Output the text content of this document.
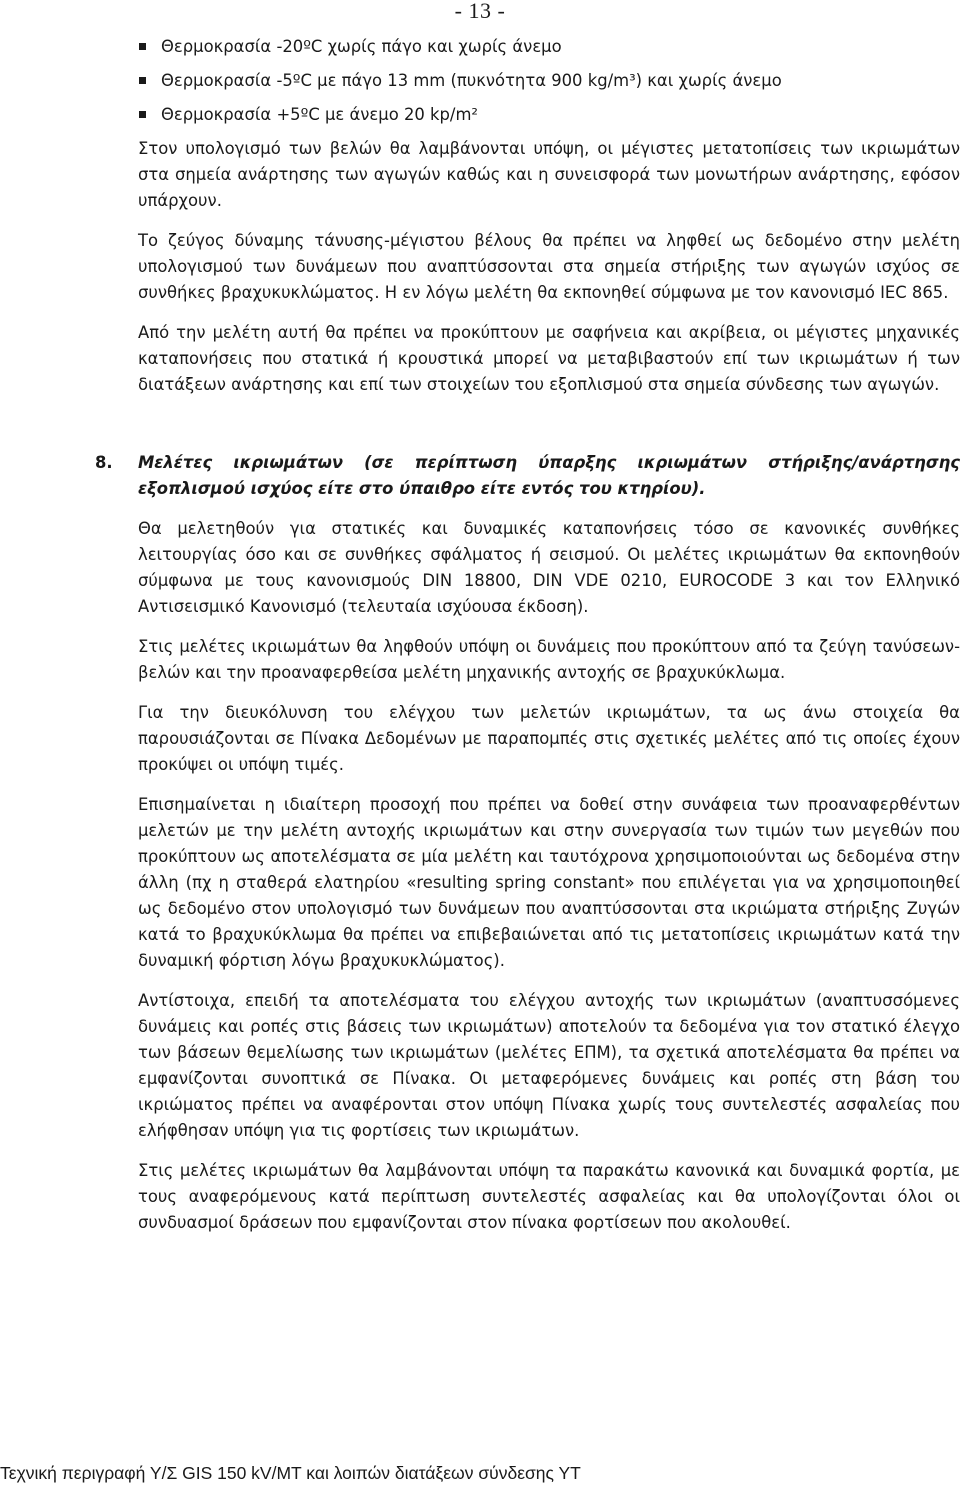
- 13 -
Θερμοκρασία -20ºC χωρίς πάγο και χωρίς άνεμο
Θερμοκρασία -5ºC με πάγο 13 mm (πυκνότητα 900 kg/m³) και χωρίς άνεμο
Θερμοκρασία +5ºC με άνεμο 20 kp/m²

Στον υπολογισμό των βελών θα λαμβάνονται υπόψη, οι μέγιστες μετατοπίσεις των ικριωμάτων στα σημεία ανάρτησης των αγωγών καθώς και η συνεισφορά των μονωτήρων ανάρτησης, εφόσον υπάρχουν.

Το ζεύγος δύναμης τάνυσης-μέγιστου βέλους θα πρέπει να ληφθεί ως δεδομένο στην μελέτη υπολογισμού των δυνάμεων που αναπτύσσονται στα σημεία στήριξης των αγωγών ισχύος σε συνθήκες βραχυκυκλώματος. Η εν λόγω μελέτη θα εκπονηθεί σύμφωνα με τον κανονισμό IEC 865.

Από την μελέτη αυτή θα πρέπει να προκύπτουν με σαφήνεια και ακρίβεια, οι μέγιστες μηχανικές καταπονήσεις που στατικά ή κρουστικά μπορεί να μεταβιβαστούν επί των ικριωμάτων ή των διατάξεων ανάρτησης και επί των στοιχείων του εξοπλισμού στα σημεία σύνδεσης των αγωγών.

8. Μελέτες ικριωμάτων (σε περίπτωση ύπαρξης ικριωμάτων στήριξης/ανάρτησης εξοπλισμού ισχύος είτε στο ύπαιθρο είτε εντός του κτηρίου).

Θα μελετηθούν για στατικές και δυναμικές καταπονήσεις τόσο σε κανονικές συνθήκες λειτουργίας όσο και σε συνθήκες σφάλματος ή σεισμού. Οι μελέτες ικριωμάτων θα εκπονηθούν σύμφωνα με τους κανονισμούς DIN 18800, DIN VDE 0210, EUROCODE 3 και τον Ελληνικό Αντισεισμικό Κανονισμό (τελευταία ισχύουσα έκδοση).

Στις μελέτες ικριωμάτων θα ληφθούν υπόψη οι δυνάμεις που προκύπτουν από τα ζεύγη τανύσεων-βελών και την προαναφερθείσα μελέτη μηχανικής αντοχής σε βραχυκύκλωμα.

Για την διευκόλυνση του ελέγχου των μελετών ικριωμάτων, τα ως άνω στοιχεία θα παρουσιάζονται σε Πίνακα Δεδομένων με παραπομπές στις σχετικές μελέτες από τις οποίες έχουν προκύψει οι υπόψη τιμές.

Επισημαίνεται η ιδιαίτερη προσοχή που πρέπει να δοθεί στην συνάφεια των προαναφερθέντων μελετών με την μελέτη αντοχής ικριωμάτων και στην συνεργασία των τιμών των μεγεθών που προκύπτουν ως αποτελέσματα σε μία μελέτη και ταυτόχρονα χρησιμοποιούνται ως δεδομένα στην άλλη (πχ η σταθερά ελατηρίου «resulting spring constant» που επιλέγεται για να χρησιμοποιηθεί ως δεδομένο στον υπολογισμό των δυνάμεων που αναπτύσσονται στα ικριώματα στήριξης Ζυγών κατά το βραχυκύκλωμα θα πρέπει να επιβεβαιώνεται από τις μετατοπίσεις ικριωμάτων κατά την δυναμική φόρτιση λόγω βραχυκυκλώματος).

Αντίστοιχα, επειδή τα αποτελέσματα του ελέγχου αντοχής των ικριωμάτων (αναπτυσσόμενες δυνάμεις και ροπές στις βάσεις των ικριωμάτων) αποτελούν τα δεδομένα για τον στατικό έλεγχο των βάσεων θεμελίωσης των ικριωμάτων (μελέτες ΕΠΜ), τα σχετικά αποτελέσματα θα πρέπει να εμφανίζονται συνοπτικά σε Πίνακα. Οι μεταφερόμενες δυνάμεις και ροπές στη βάση του ικριώματος πρέπει να αναφέρονται στον υπόψη Πίνακα χωρίς τους συντελεστές ασφαλείας που ελήφθησαν υπόψη για τις φορτίσεις των ικριωμάτων.

Στις μελέτες ικριωμάτων θα λαμβάνονται υπόψη τα παρακάτω κανονικά και δυναμικά φορτία, με τους αναφερόμενους κατά περίπτωση συντελεστές ασφαλείας και θα υπολογίζονται όλοι οι συνδυασμοί δράσεων που εμφανίζονται στον πίνακα φορτίσεων που ακολουθεί.

Τεχνική περιγραφή Υ/Σ GIS 150 kV/MT και λοιπών διατάξεων σύνδεσης ΥΤ
